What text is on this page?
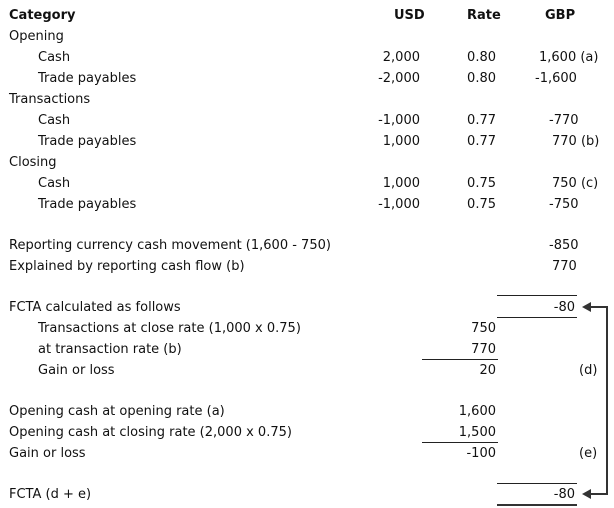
Category	USD	Rate	GBP
Opening
Cash	2,000	0.80	1,600 (a)
Trade payables	-2,000	0.80	-1,600
Transactions
Cash	-1,000	0.77	-770
Trade payables	1,000	0.77	770 (b)
Closing
Cash	1,000	0.75	750 (c)
Trade payables	-1,000	0.75	-750
Reporting currency cash movement (1,600 - 750)	-850
Explained by reporting cash flow (b)	770
FCTA calculated as follows	-80
Transactions at close rate (1,000 x 0.75)	750
at transaction rate (b)	770
Gain or loss	20	(d)
Opening cash at opening rate (a)	1,600
Opening cash at closing rate (2,000 x 0.75)	1,500
Gain or loss	-100	(e)
FCTA (d + e)	-80
